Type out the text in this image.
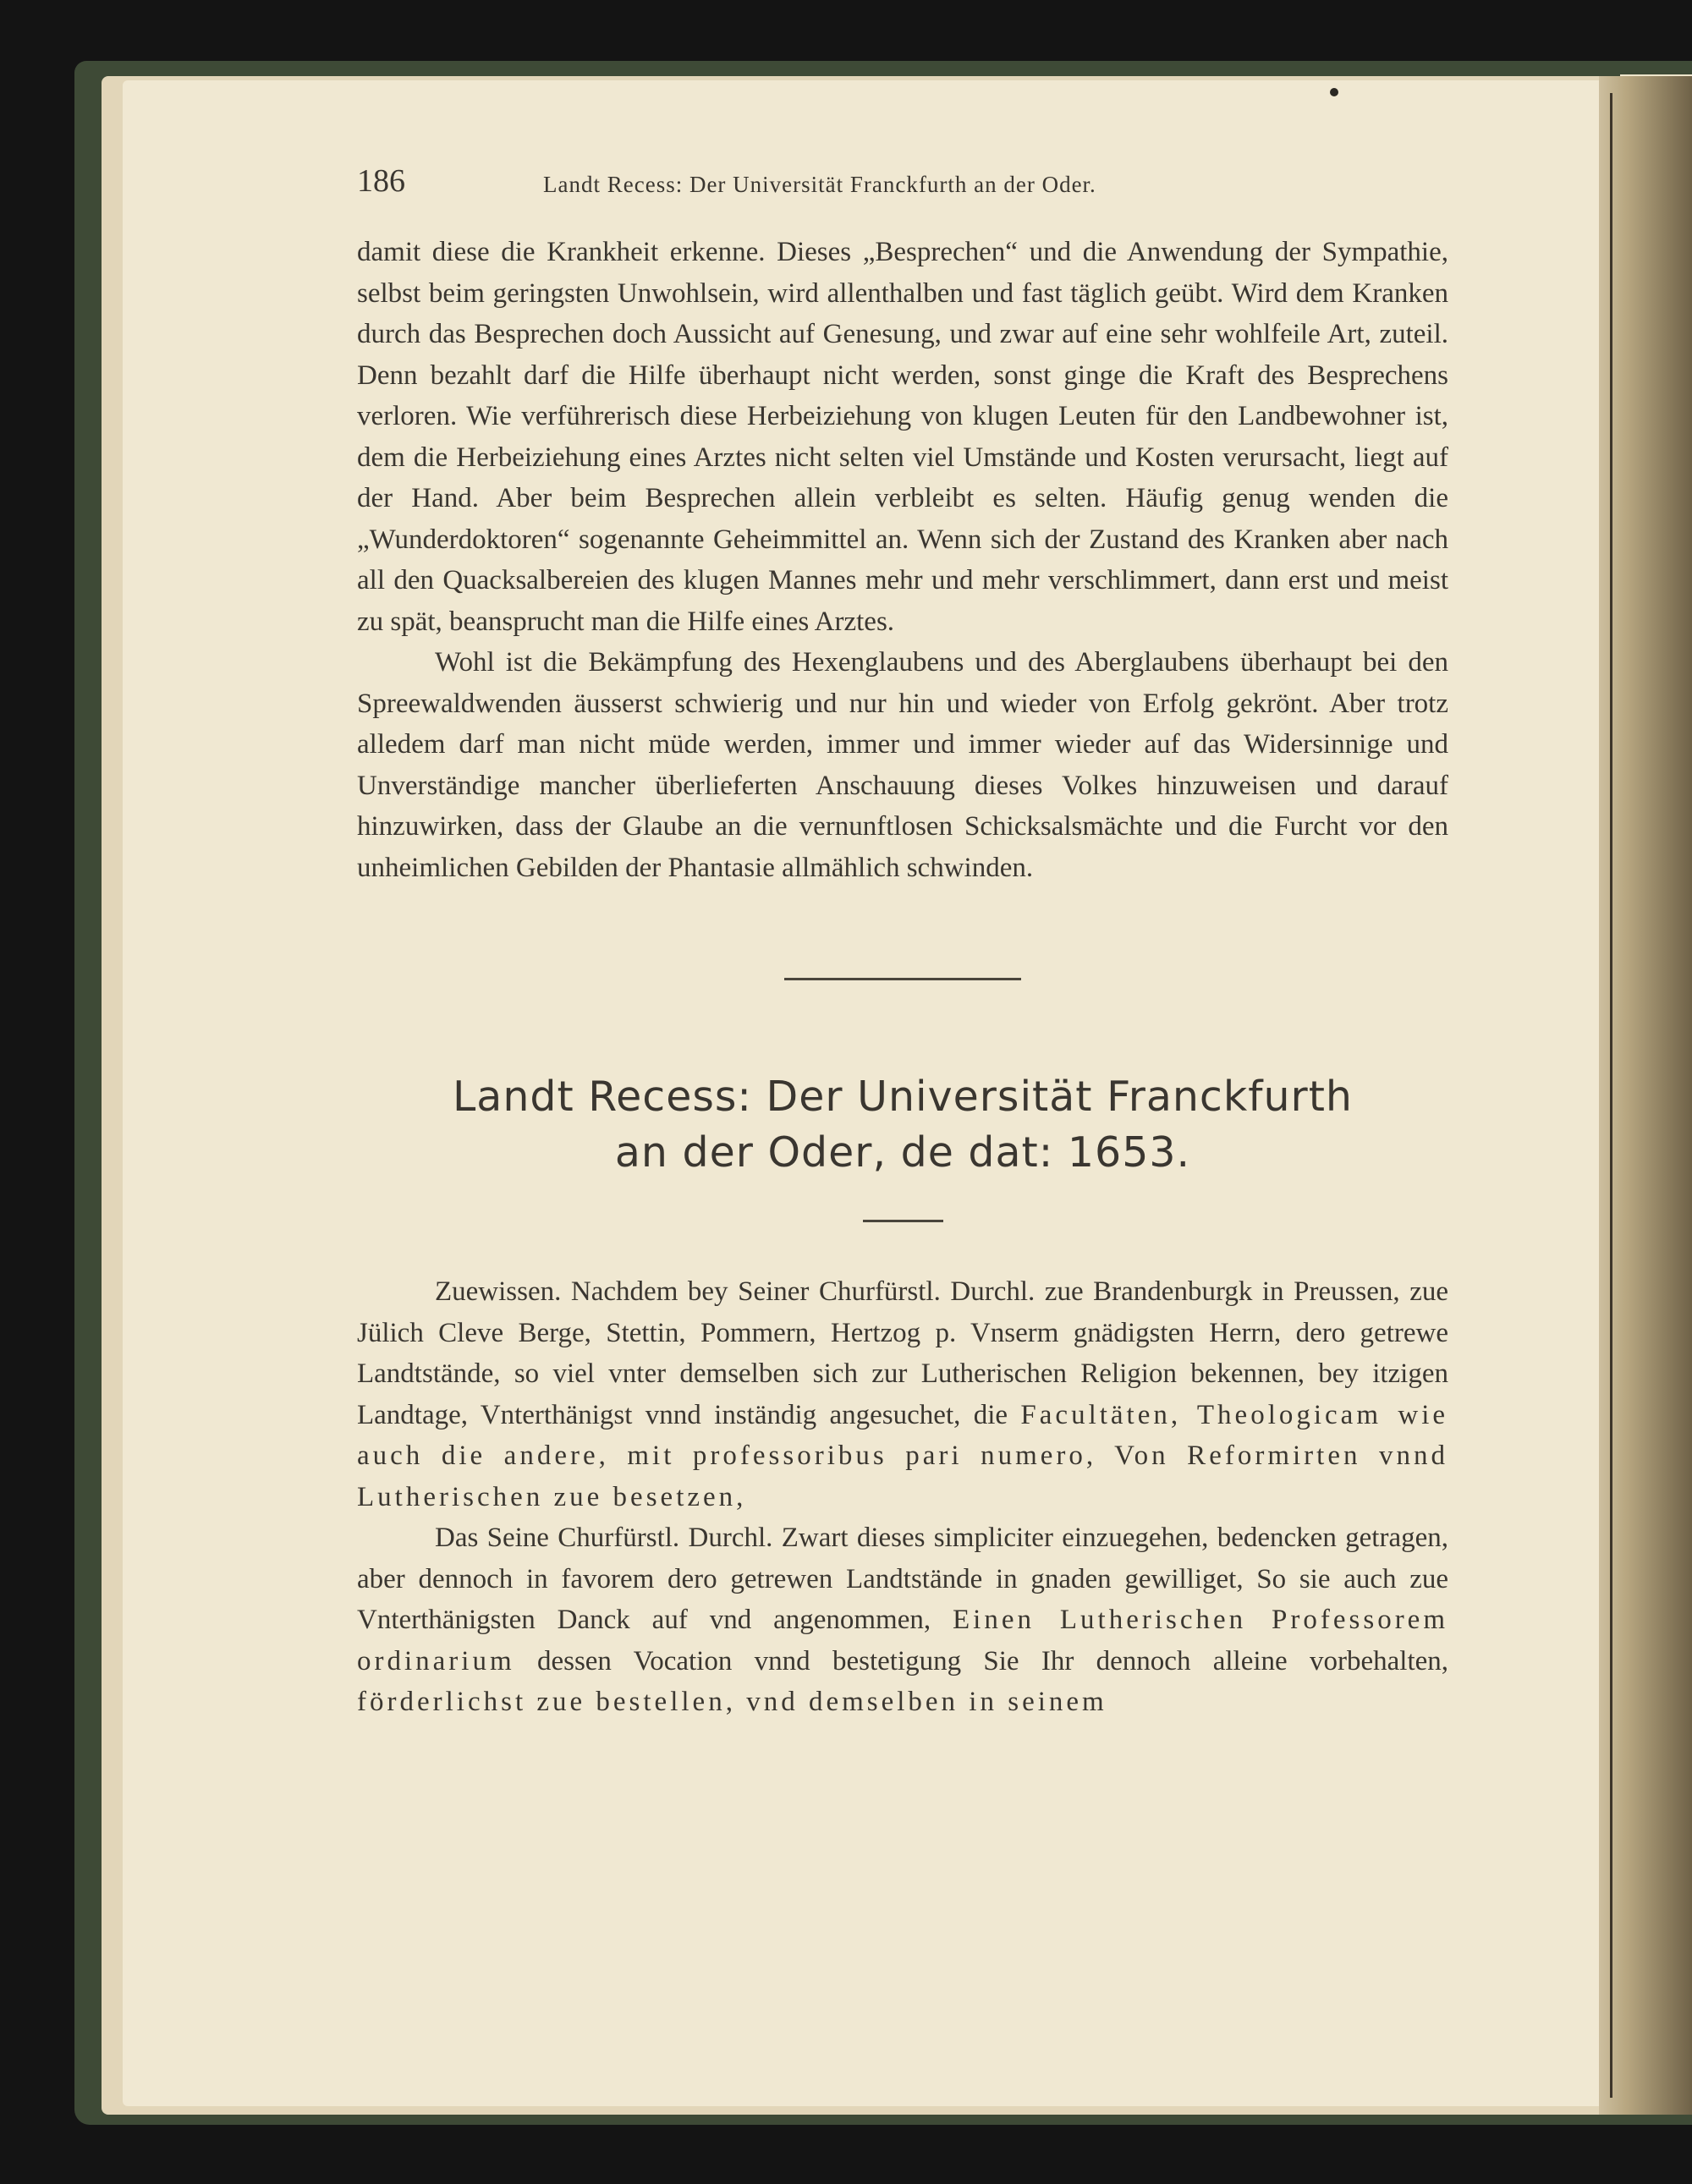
186	Landt Recess: Der Universität Franckfurth an der Oder.

damit diese die Krankheit erkenne. Dieses „Besprechen“ und die Anwendung der Sympathie, selbst beim geringsten Unwohlsein, wird allenthalben und fast täglich geübt. Wird dem Kranken durch das Besprechen doch Aussicht auf Genesung, und zwar auf eine sehr wohlfeile Art, zuteil. Denn bezahlt darf die Hilfe überhaupt nicht werden, sonst ginge die Kraft des Besprechens verloren. Wie verführerisch diese Herbeiziehung von klugen Leuten für den Landbewohner ist, dem die Herbeiziehung eines Arztes nicht selten viel Umstände und Kosten verursacht, liegt auf der Hand. Aber beim Besprechen allein verbleibt es selten. Häufig genug wenden die „Wunderdoktoren“ sogenannte Geheimmittel an. Wenn sich der Zustand des Kranken aber nach all den Quacksalbereien des klugen Mannes mehr und mehr verschlimmert, dann erst und meist zu spät, beansprucht man die Hilfe eines Arztes.

Wohl ist die Bekämpfung des Hexenglaubens und des Aberglaubens überhaupt bei den Spreewaldwenden äusserst schwierig und nur hin und wieder von Erfolg gekrönt. Aber trotz alledem darf man nicht müde werden, immer und immer wieder auf das Widersinnige und Unverständige mancher überlieferten Anschauung dieses Volkes hinzuweisen und darauf hinzuwirken, dass der Glaube an die vernunftlosen Schicksalsmächte und die Furcht vor den unheimlichen Gebilden der Phantasie allmählich schwinden.

Landt Recess: Der Universität Franckfurth
an der Oder, de dat: 1653.

Zuewissen. Nachdem bey Seiner Churfürstl. Durchl. zue Brandenburgk in Preussen, zue Jülich Cleve Berge, Stettin, Pommern, Hertzog p. Vnserm gnädigsten Herrn, dero getrewe Landtstände, so viel vnter demselben sich zur Lutherischen Religion bekennen, bey itzigen Landtage, Vnterthänigst vnnd inständig angesuchet, die Facultäten, Theologicam wie auch die andere, mit professoribus pari numero, Von Reformirten vnnd Lutherischen zue besetzen,

Das Seine Churfürstl. Durchl. Zwart dieses simpliciter einzuegehen, bedencken getragen, aber dennoch in favorem dero getrewen Landtstände in gnaden gewilliget, So sie auch zue Vnterthänigsten Danck auf vnd angenommen, Einen Lutherischen Professorem ordinarium dessen Vocation vnnd bestetigung Sie Ihr dennoch alleine vorbehalten, förderlichst zue bestellen, vnd demselben in seinem
